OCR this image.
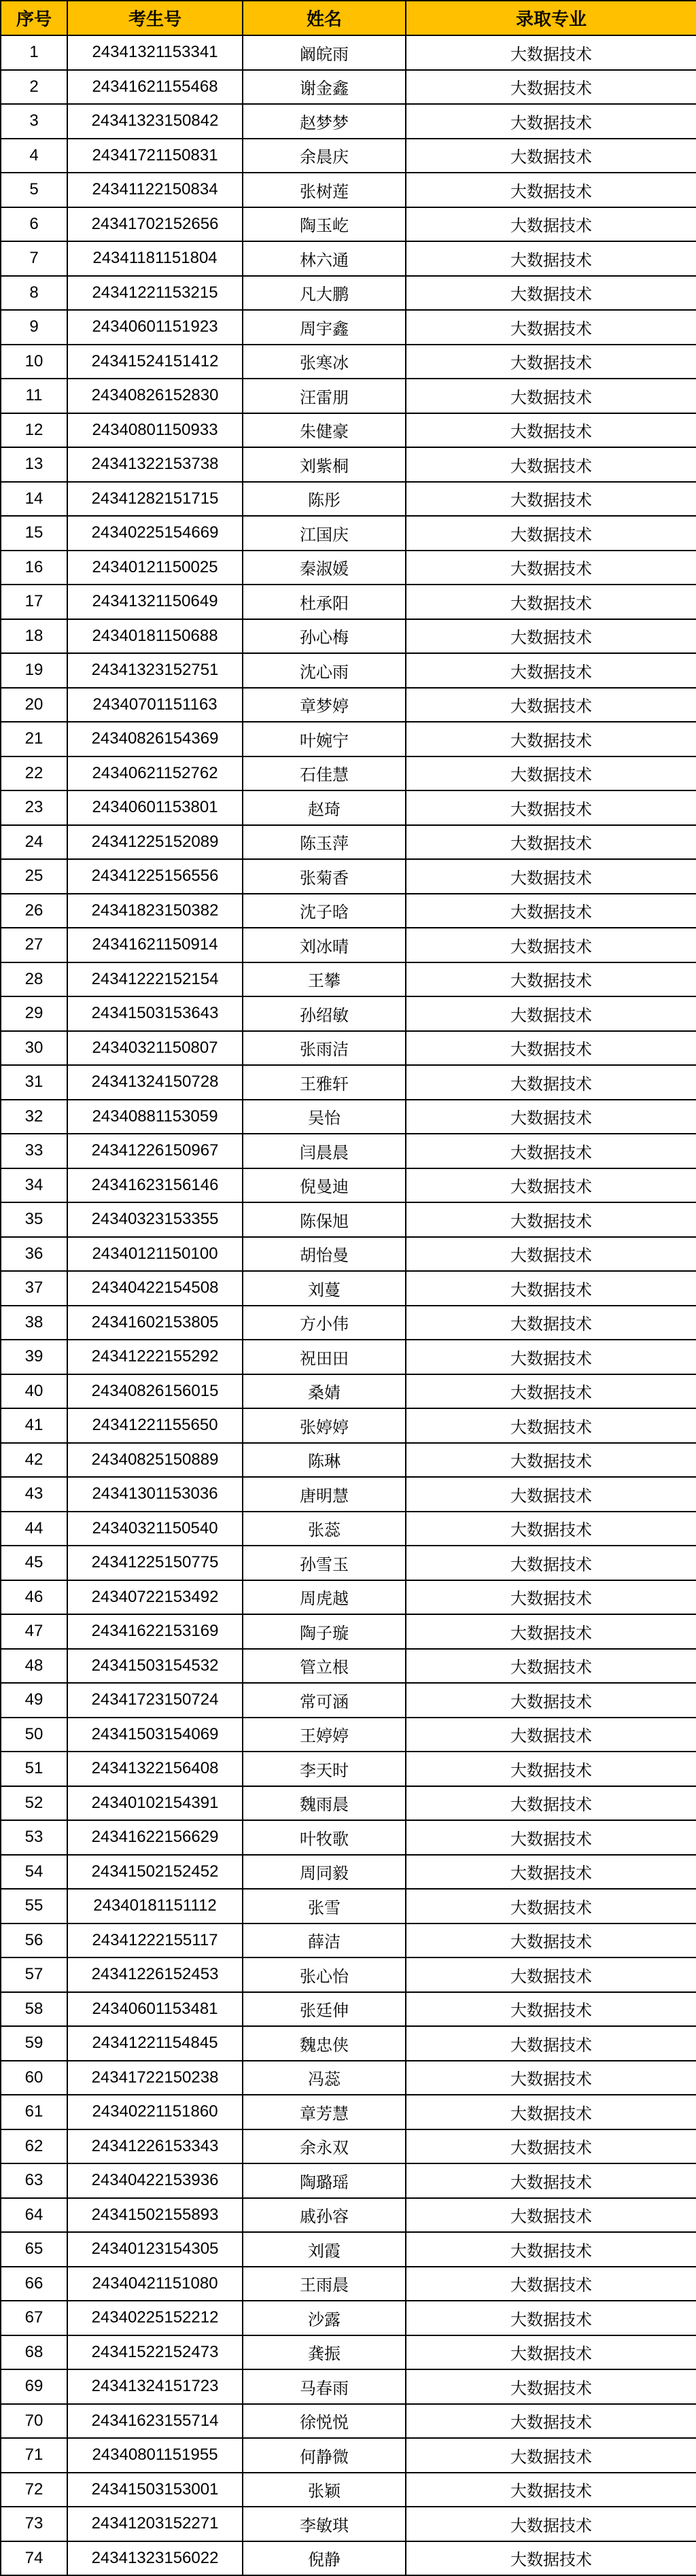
序号	考生号	姓名	录取专业
1	24341321153341	阚皖雨	大数据技术
2	24341621155468	谢金鑫	大数据技术
3	24341323150842	赵梦梦	大数据技术
4	24341721150831	余晨庆	大数据技术
5	24341122150834	张树莲	大数据技术
6	24341702152656	陶玉屹	大数据技术
7	24341181151804	林六通	大数据技术
8	24341221153215	凡大鹏	大数据技术
9	24340601151923	周宇鑫	大数据技术
10	24341524151412	张寒冰	大数据技术
11	24340826152830	汪雷朋	大数据技术
12	24340801150933	朱健豪	大数据技术
13	24341322153738	刘紫桐	大数据技术
14	24341282151715	陈彤	大数据技术
15	24340225154669	江国庆	大数据技术
16	24340121150025	秦淑媛	大数据技术
17	24341321150649	杜承阳	大数据技术
18	24340181150688	孙心梅	大数据技术
19	24341323152751	沈心雨	大数据技术
20	24340701151163	章梦婷	大数据技术
21	24340826154369	叶婉宁	大数据技术
22	24340621152762	石佳慧	大数据技术
23	24340601153801	赵琦	大数据技术
24	24341225152089	陈玉萍	大数据技术
25	24341225156556	张菊香	大数据技术
26	24341823150382	沈子晗	大数据技术
27	24341621150914	刘冰晴	大数据技术
28	24341222152154	王攀	大数据技术
29	24341503153643	孙绍敏	大数据技术
30	24340321150807	张雨洁	大数据技术
31	24341324150728	王雅轩	大数据技术
32	24340881153059	吴怡	大数据技术
33	24341226150967	闫晨晨	大数据技术
34	24341623156146	倪曼迪	大数据技术
35	24340323153355	陈保旭	大数据技术
36	24340121150100	胡怡曼	大数据技术
37	24340422154508	刘蔓	大数据技术
38	24341602153805	方小伟	大数据技术
39	24341222155292	祝田田	大数据技术
40	24340826156015	桑婧	大数据技术
41	24341221155650	张婷婷	大数据技术
42	24340825150889	陈琳	大数据技术
43	24341301153036	唐明慧	大数据技术
44	24340321150540	张蕊	大数据技术
45	24341225150775	孙雪玉	大数据技术
46	24340722153492	周虎越	大数据技术
47	24341622153169	陶子璇	大数据技术
48	24341503154532	管立根	大数据技术
49	24341723150724	常可涵	大数据技术
50	24341503154069	王婷婷	大数据技术
51	24341322156408	李天时	大数据技术
52	24340102154391	魏雨晨	大数据技术
53	24341622156629	叶牧歌	大数据技术
54	24341502152452	周同毅	大数据技术
55	24340181151112	张雪	大数据技术
56	24341222155117	薛洁	大数据技术
57	24341226152453	张心怡	大数据技术
58	24340601153481	张廷伸	大数据技术
59	24341221154845	魏忠侠	大数据技术
60	24341722150238	冯蕊	大数据技术
61	24340221151860	章芳慧	大数据技术
62	24341226153343	余永双	大数据技术
63	24340422153936	陶璐瑶	大数据技术
64	24341502155893	戚孙容	大数据技术
65	24340123154305	刘霞	大数据技术
66	24340421151080	王雨晨	大数据技术
67	24340225152212	沙露	大数据技术
68	24341522152473	龚振	大数据技术
69	24341324151723	马春雨	大数据技术
70	24341623155714	徐悦悦	大数据技术
71	24340801151955	何静微	大数据技术
72	24341503153001	张颖	大数据技术
73	24341203152271	李敏琪	大数据技术
74	24341323156022	倪静	大数据技术
